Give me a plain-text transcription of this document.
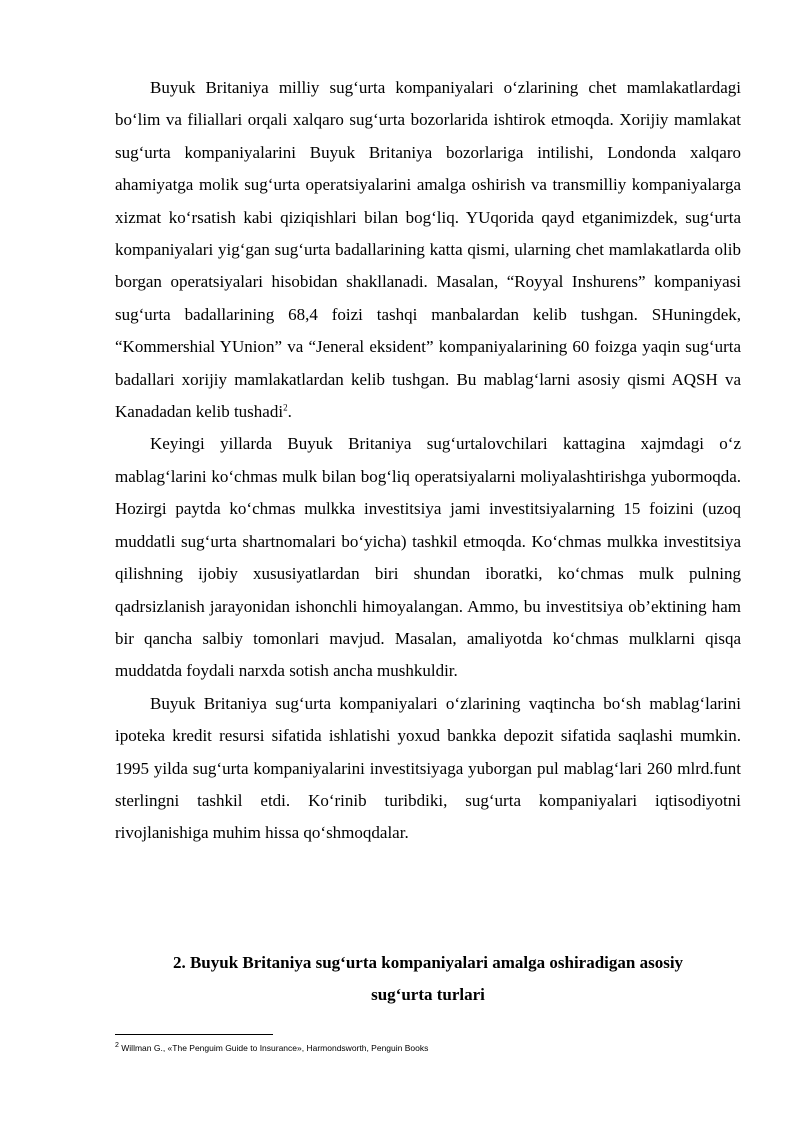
Buyuk Britaniya milliy sug‘urta kompaniyalari o‘zlarining chet mamlakatlardagi bo‘lim va filiallari orqali xalqaro sug‘urta bozorlarida ishtirok etmoqda. Xorijiy mamlakat sug‘urta kompaniyalarini Buyuk Britaniya bozorlariga intilishi, Londonda xalqaro ahamiyatga molik sug‘urta operatsiyalarini amalga oshirish va transmilliy kompaniyalarga xizmat ko‘rsatish kabi qiziqishlari bilan bog‘liq. YUqorida qayd etganimizdek, sug‘urta kompaniyalari yig‘gan sug‘urta badallarining katta qismi, ularning chet mamlakatlarda olib borgan operatsiyalari hisobidan shakllanadi. Masalan, “Royyal Inshurens” kompaniyasi sug‘urta badallarining 68,4 foizi tashqi manbalardan kelib tushgan. SHuningdek, “Kommershial YUnion” va “Jeneral eksident” kompaniyalarining 60 foizga yaqin sug‘urta badallari xorijiy mamlakatlardan kelib tushgan. Bu mablag‘larni asosiy qismi AQSH va Kanadadan kelib tushadi$^2$.

Keyingi yillarda Buyuk Britaniya sug‘urtalovchilari kattagina xajmdagi o‘z mablag‘larini ko‘chmas mulk bilan bog‘liq operatsiyalarni moliyalashtirishga yubormoqda. Hozirgi paytda ko‘chmas mulkka investitsiya jami investitsiyalarning 15 foizini (uzoq muddatli sug‘urta shartnomalari bo‘yicha) tashkil etmoqda. Ko‘chmas mulkka investitsiya qilishning ijobiy xususiyatlardan biri shundan iboratki, ko‘chmas mulk pulning qadrsizlanish jarayonidan ishonchli himoyalangan. Ammo, bu investitsiya ob’ektining ham bir qancha salbiy tomonlari mavjud. Masalan, amaliyotda ko‘chmas mulklarni qisqa muddatda foydali narxda sotish ancha mushkuldir.

Buyuk Britaniya sug‘urta kompaniyalari o‘zlarining vaqtincha bo‘sh mablag‘larini ipoteka kredit resursi sifatida ishlatishi yoxud bankka depozit sifatida saqlashi mumkin. 1995 yilda sug‘urta kompaniyalarini investitsiyaga yuborgan pul mablag‘lari 260 mlrd.funt sterlingni tashkil etdi. Ko‘rinib turibdiki, sug‘urta kompaniyalari iqtisodiyotni rivojlanishiga muhim hissa qo‘shmoqdalar.

2. Buyuk Britaniya sug‘urta kompaniyalari amalga oshiradigan asosiy
sug‘urta turlari

$^2$ Willman G., «The Penguim Guide to Insurance», Harmondsworth, Penguin Books
